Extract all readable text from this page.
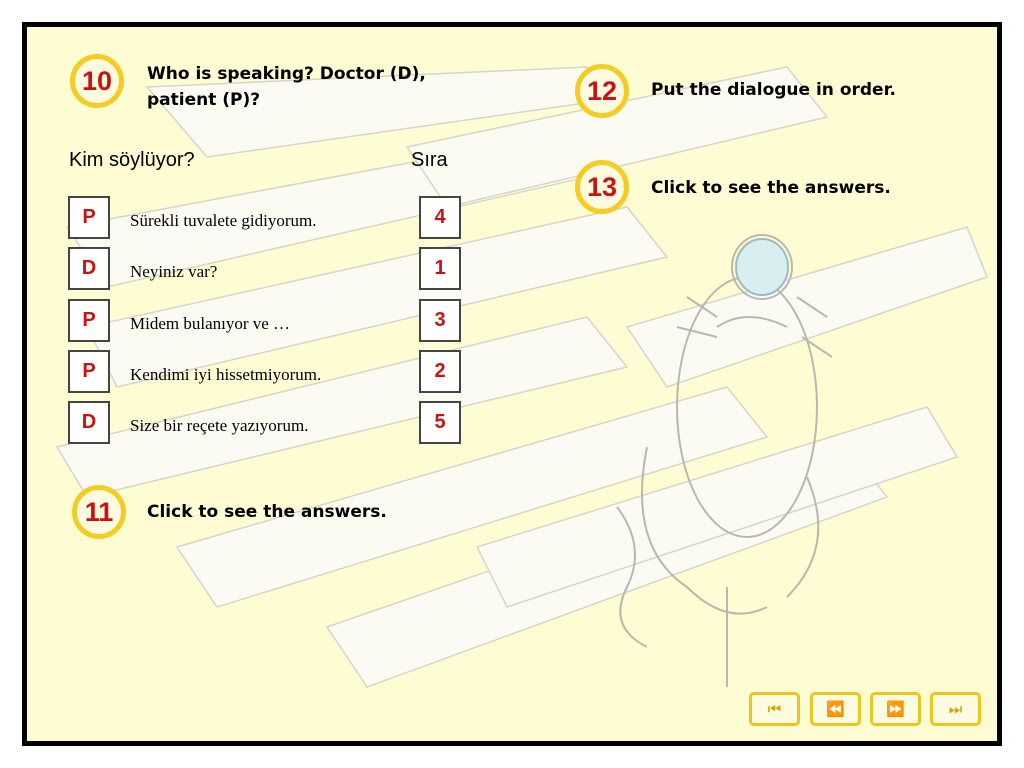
10	Who is speaking? Doctor (D), patient (P)?	12	Put the dialogue in order.
13	Click to see the answers.
Kim söylüyor?	Sıra
P	Sürekli tuvalete gidiyorum.	4
D	Neyiniz var?	1
P	Midem bulanıyor ve …	3
P	Kendimi iyi hissetmiyorum.	2
D	Size bir reçete yazıyorum.	5
11	Click to see the answers.
⏮	⏪	⏩	⏭
